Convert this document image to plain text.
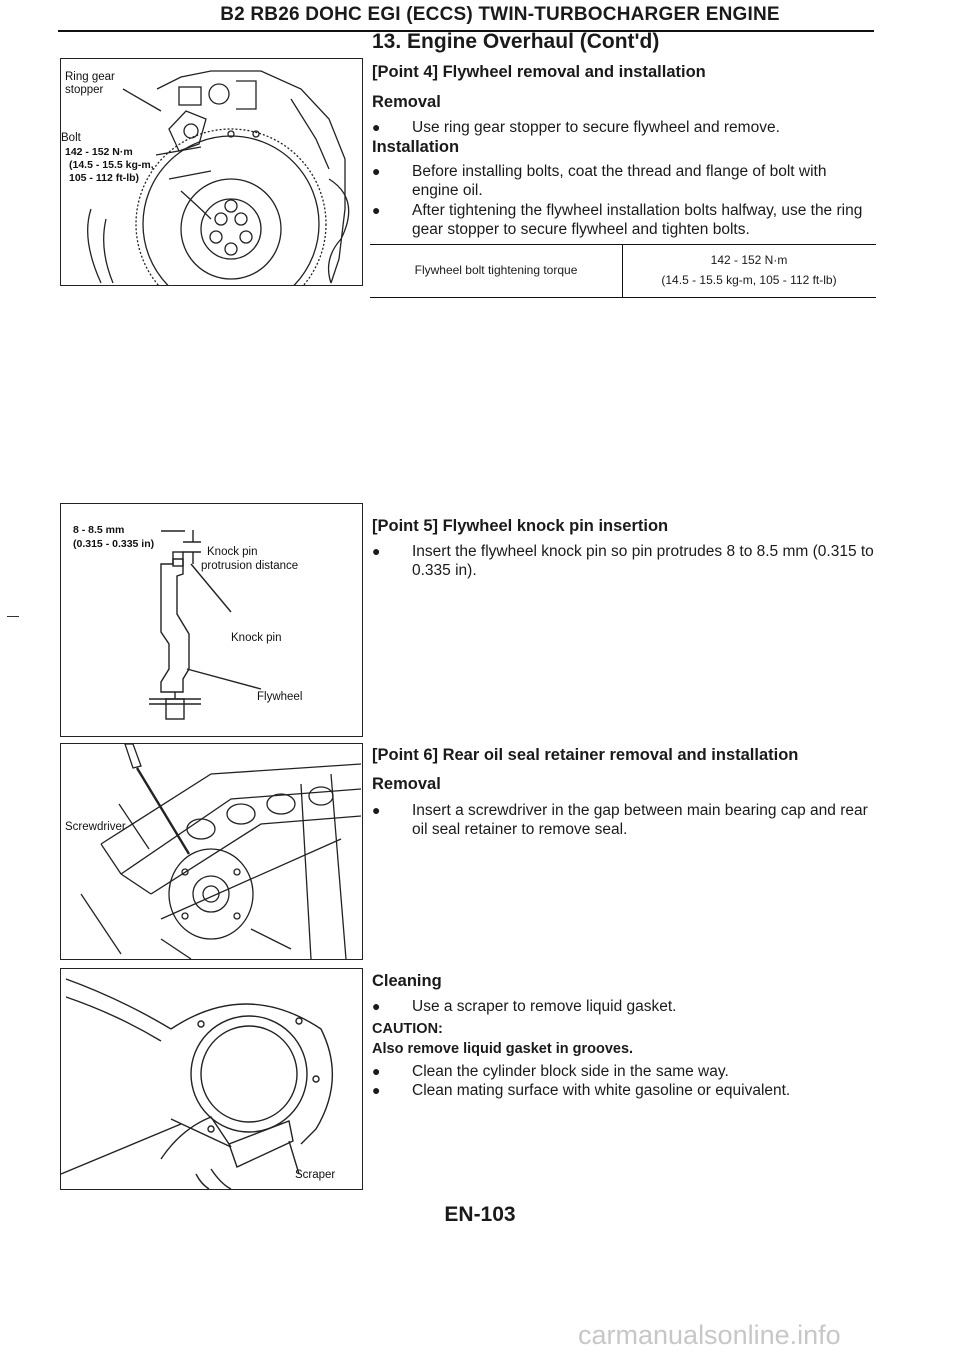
B2 RB26 DOHC EGI (ECCS) TWIN-TURBOCHARGER ENGINE
13. Engine Overhaul (Cont'd)
Ring gear
stopper
Bolt
142 - 152 N·m
(14.5 - 15.5 kg-m,
105 - 112 ft-lb)
[Point 4] Flywheel removal and installation
Removal
● Use ring gear stopper to secure flywheel and remove.
Installation
● Before installing bolts, coat the thread and flange of bolt with engine oil.
● After tightening the flywheel installation bolts halfway, use the ring gear stopper to secure flywheel and tighten bolts.
Flywheel bolt tightening torque
142 - 152 N·m
(14.5 - 15.5 kg-m, 105 - 112 ft-lb)
8 - 8.5 mm
(0.315 - 0.335 in)
Knock pin
protrusion distance
Knock pin
Flywheel
[Point 5] Flywheel knock pin insertion
● Insert the flywheel knock pin so pin protrudes 8 to 8.5 mm (0.315 to 0.335 in).
Screwdriver
[Point 6] Rear oil seal retainer removal and installation
Removal
● Insert a screwdriver in the gap between main bearing cap and rear oil seal retainer to remove seal.
Scraper
Cleaning
● Use a scraper to remove liquid gasket.
CAUTION:
Also remove liquid gasket in grooves.
● Clean the cylinder block side in the same way.
● Clean mating surface with white gasoline or equivalent.
EN-103
carmanualsonline.info
